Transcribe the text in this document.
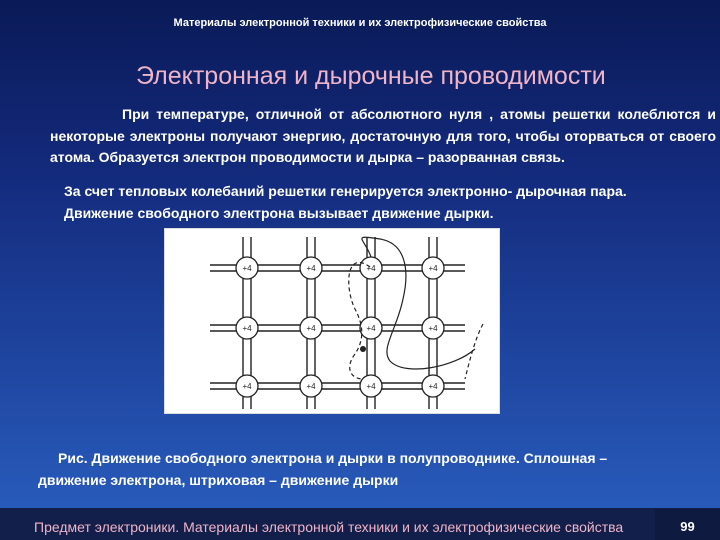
Материалы электронной техники и их электрофизические свойства
Электронная и дырочные проводимости
При температуре, отличной от абсолютного нуля , атомы решетки колеблются и некоторые электроны получают энергию, достаточную для того, чтобы оторваться от своего атома. Образуется электрон проводимости и дырка – разорванная связь.
За счет тепловых колебаний решетки генерируется электронно- дырочная пара.
Движение свободного электрона вызывает движение дырки.
+4	+4	+4	+4
+4	+4	+4	+4
+4	+4	+4	+4
Рис. Движение свободного электрона и дырки в полупроводнике. Сплошная – движение электрона, штриховая – движение дырки
Предмет электроники. Материалы электронной техники и их электрофизические свойства	99
